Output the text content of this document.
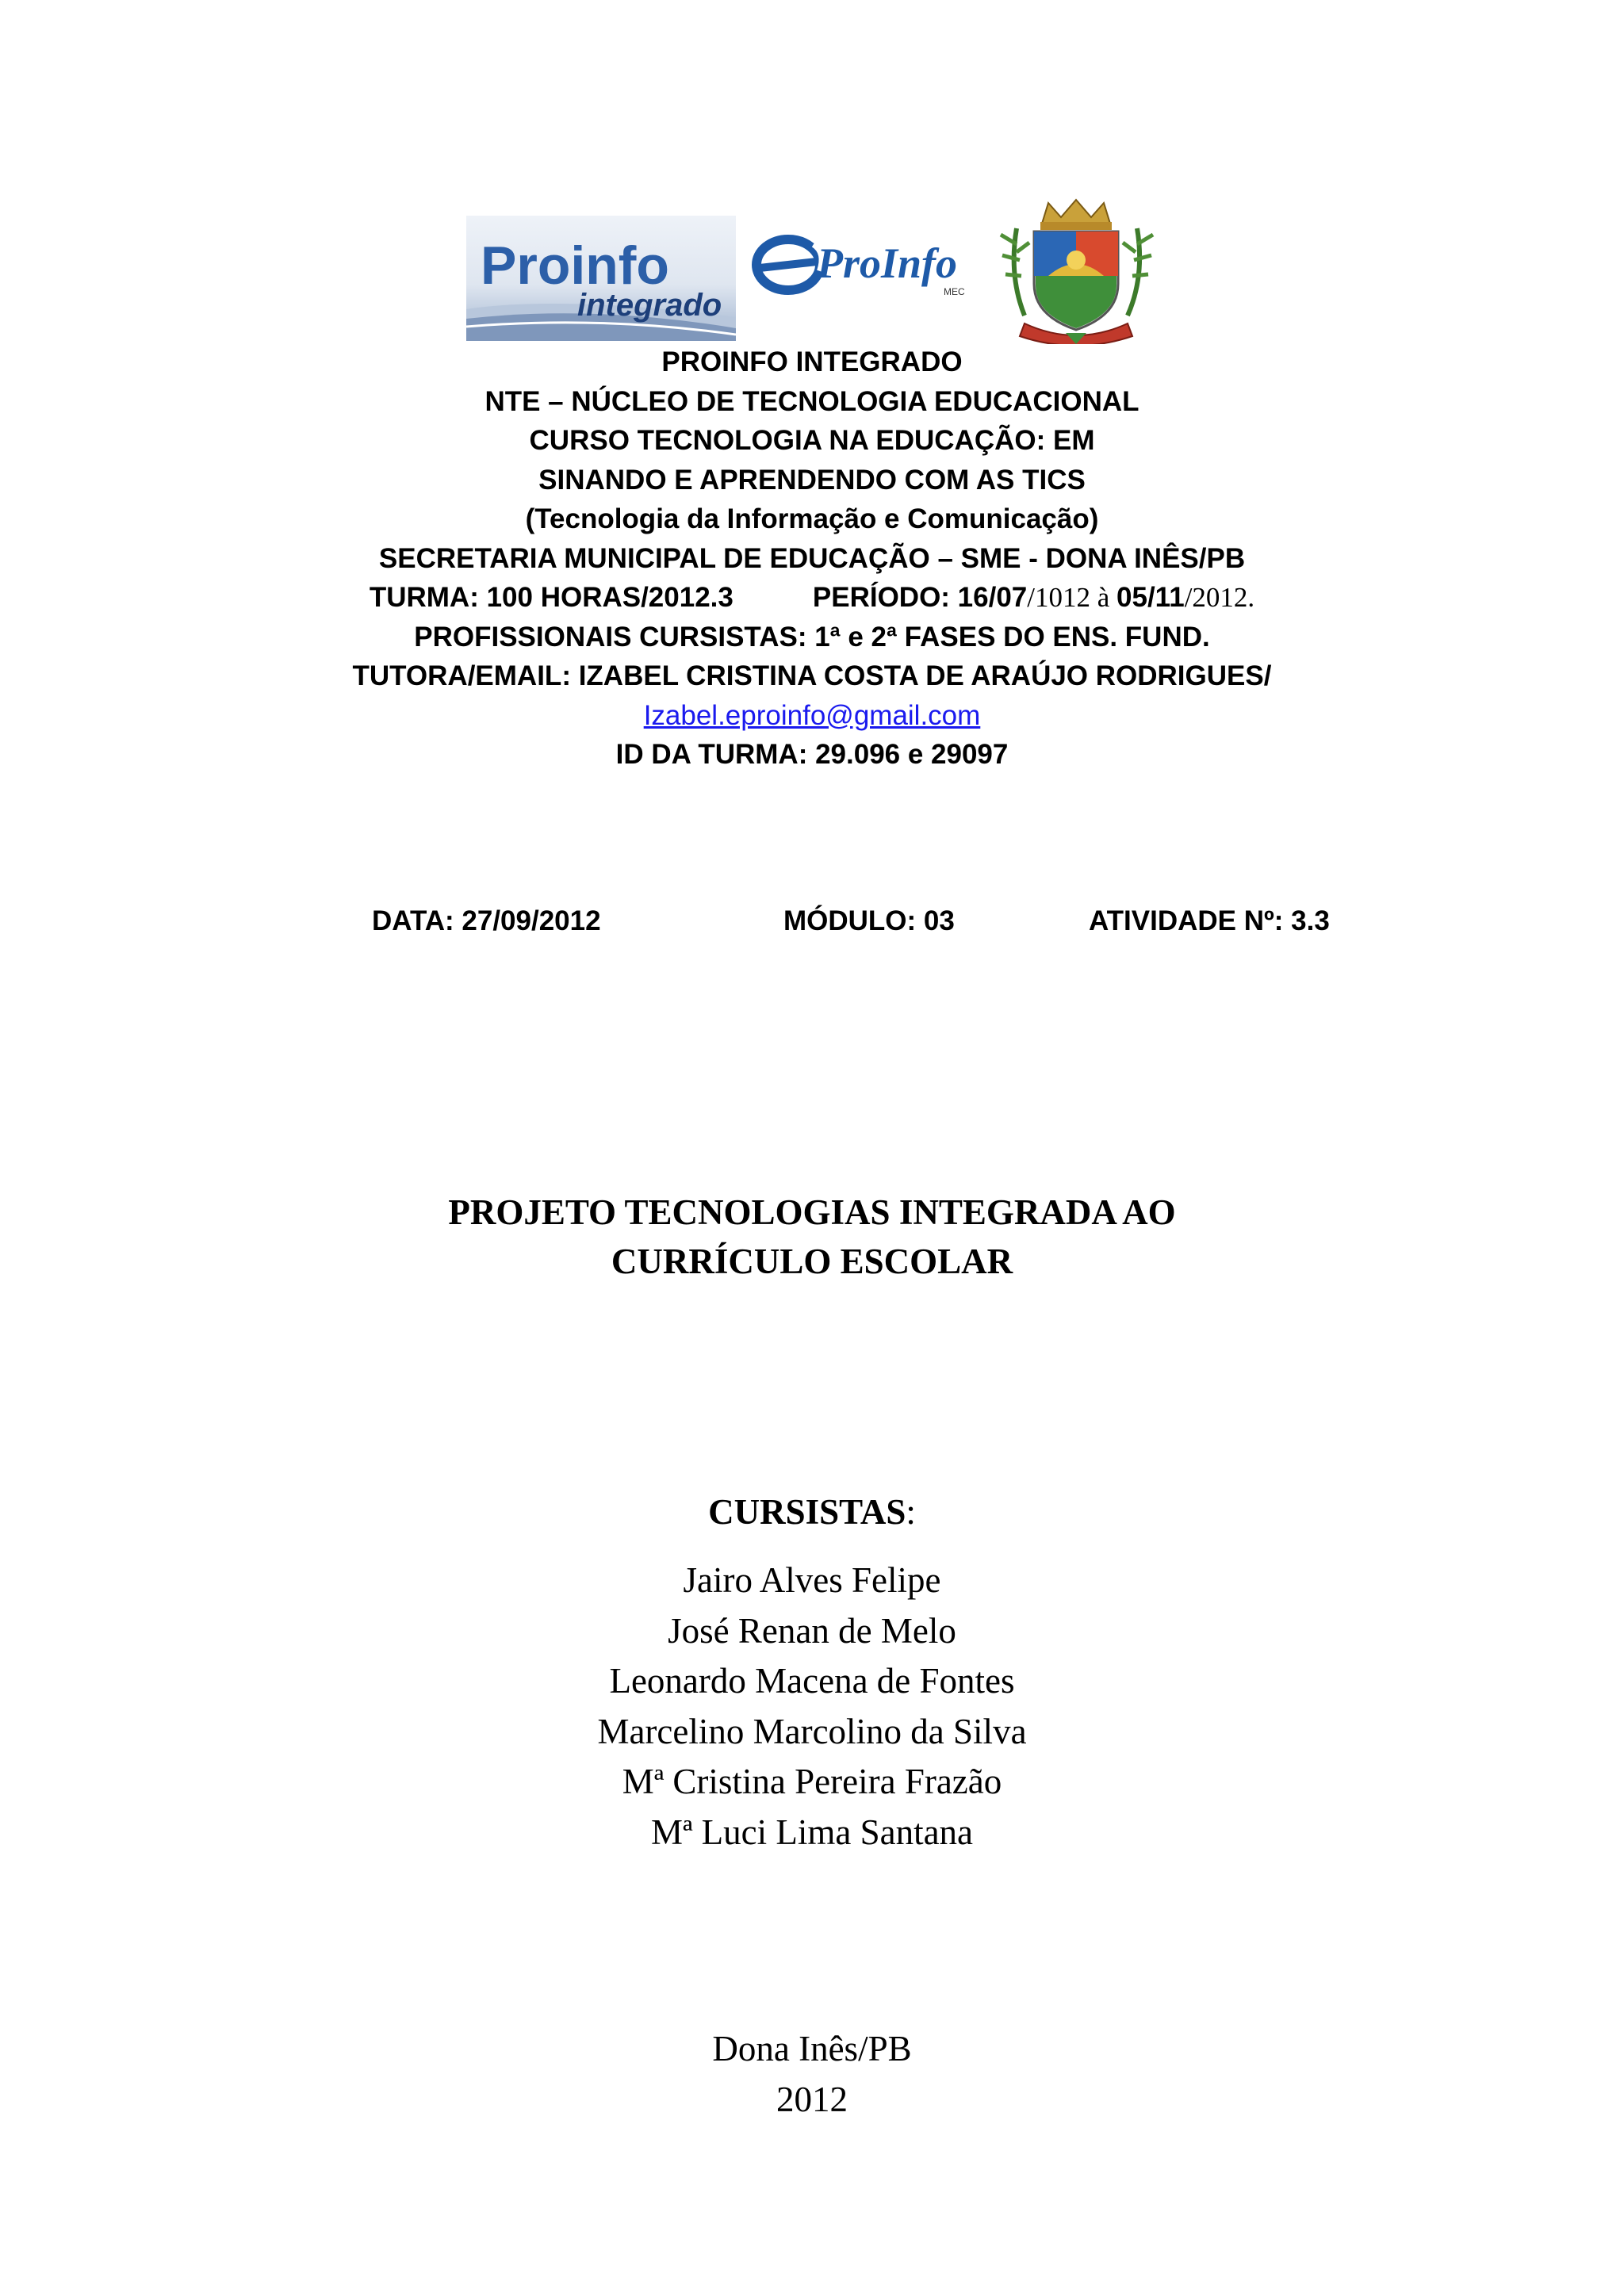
Proinfo
integrado
ProInfo
MEC
PROINFO INTEGRADO
NTE – NÚCLEO DE TECNOLOGIA EDUCACIONAL
CURSO TECNOLOGIA NA EDUCAÇÃO: EM
SINANDO E APRENDENDO COM AS TICS
(Tecnologia da Informação e Comunicação)
SECRETARIA MUNICIPAL DE EDUCAÇÃO – SME - DONA INÊS/PB
TURMA: 100 HORAS/2012.3	PERÍODO: 16/07/1012 à 05/11/2012.
PROFISSIONAIS CURSISTAS: 1ª e 2ª FASES DO ENS. FUND.
TUTORA/EMAIL: IZABEL CRISTINA COSTA DE ARAÚJO RODRIGUES/
Izabel.eproinfo@gmail.com
ID DA TURMA: 29.096 e 29097
DATA: 27/09/2012	MÓDULO: 03	ATIVIDADE Nº: 3.3
PROJETO TECNOLOGIAS INTEGRADA AO
CURRÍCULO ESCOLAR
CURSISTAS:
Jairo Alves Felipe
José Renan de Melo
Leonardo Macena de Fontes
Marcelino Marcolino da Silva
Mª Cristina Pereira Frazão
Mª Luci Lima Santana
Dona Inês/PB
2012
